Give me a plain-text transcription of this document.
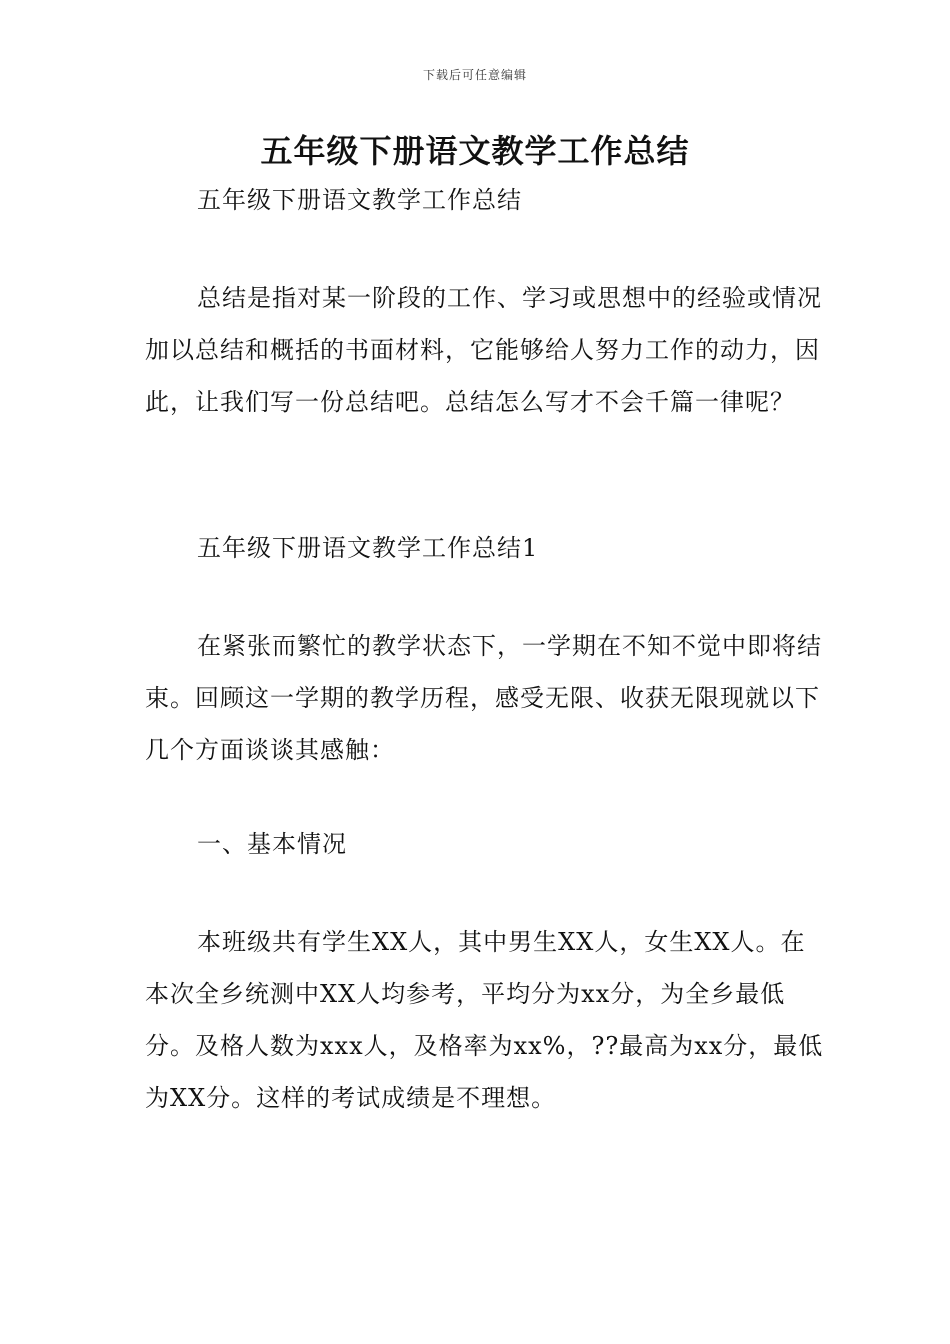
下载后可任意编辑
五年级下册语文教学工作总结

五年级下册语文教学工作总结

总结是指对某一阶段的工作、学习或思想中的经验或情况加以总结和概括的书面材料，它能够给人努力工作的动力，因此，让我们写一份总结吧。总结怎么写才不会千篇一律呢？

五年级下册语文教学工作总结1

在紧张而繁忙的教学状态下，一学期在不知不觉中即将结束。回顾这一学期的教学历程，感受无限、收获无限现就以下几个方面谈谈其感触：

一、基本情况

本班级共有学生XX人，其中男生XX人，女生XX人。在本次全乡统测中XX人均参考，平均分为xx分，为全乡最低分。及格人数为xxx人，及格率为xx%，??最高为xx分，最低为XX分。这样的考试成绩是不理想。
